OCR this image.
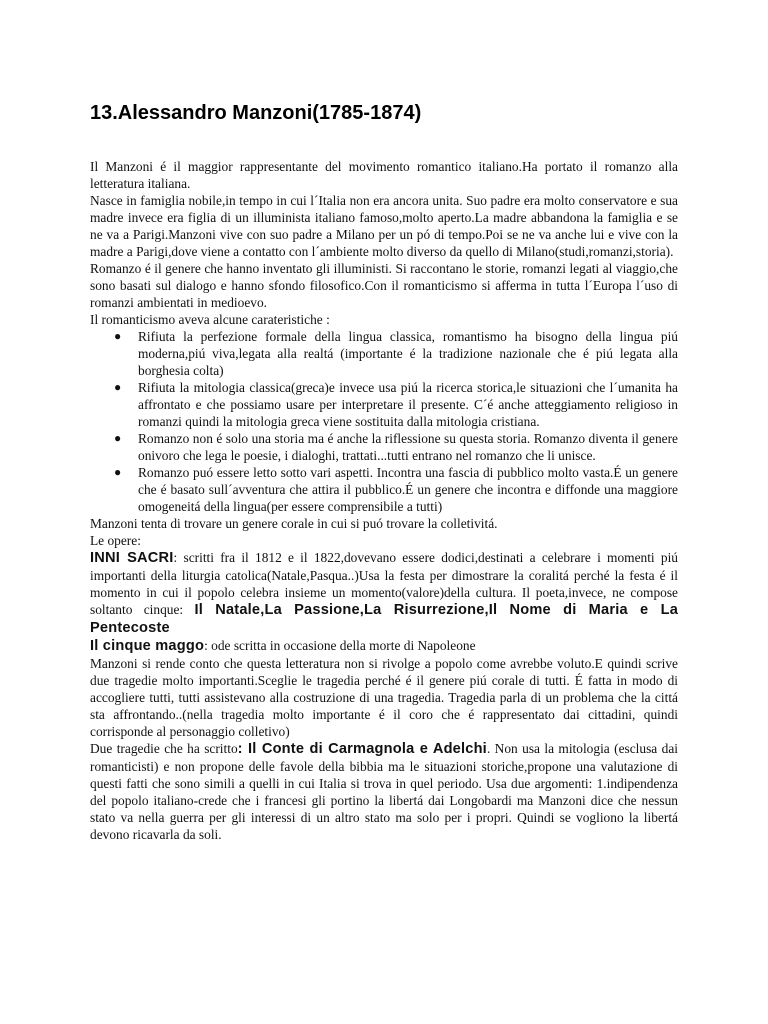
13.Alessandro Manzoni(1785-1874)

Il Manzoni é il maggior rappresentante del movimento romantico italiano.Ha portato il romanzo alla letteratura italiana.

Nasce in famiglia nobile,in tempo in cui l´Italia non era ancora unita. Suo padre era molto conservatore e sua madre invece era figlia di un illuminista italiano famoso,molto aperto.La madre abbandona la famiglia e se ne va a Parigi.Manzoni vive con suo padre a Milano per un pó di tempo.Poi se ne va anche lui e vive con la madre a Parigi,dove viene a contatto con l´ambiente molto diverso da quello di Milano(studi,romanzi,storia).

Romanzo é il genere che hanno inventato gli illuministi. Si raccontano le storie, romanzi legati al viaggio,che sono basati sul dialogo e hanno sfondo filosofico.Con il romanticismo si afferma in tutta l´Europa l´uso di romanzi ambientati in medioevo.

Il romanticismo aveva alcune carateristiche :

● Rifiuta la perfezione formale della lingua classica, romantismo ha bisogno della lingua piú moderna,piú viva,legata alla realtá (importante é la tradizione nazionale che é piú legata alla borghesia colta)
● Rifiuta la mitologia classica(greca)e invece usa piú la ricerca storica,le situazioni che l´umanita ha affrontato e che possiamo usare per interpretare il presente. C´é anche atteggiamento religioso in romanzi quindi la mitologia greca viene sostituita dalla mitologia cristiana.
● Romanzo non é solo una storia ma é anche la riflessione su questa storia. Romanzo diventa il genere onivoro che lega le poesie, i dialoghi, trattati...tutti entrano nel romanzo che li unisce.
● Romanzo puó essere letto sotto vari aspetti. Incontra una fascia di pubblico molto vasta.É un genere che é basato sull´avventura che attira il pubblico.É un genere che incontra e diffonde una maggiore omogeneitá della lingua(per essere comprensibile a tutti)

Manzoni tenta di trovare un genere corale in cui si puó trovare la colletivitá.

Le opere:

INNI SACRI: scritti fra il 1812 e il 1822,dovevano essere dodici,destinati a celebrare i momenti piú importanti della liturgia catolica(Natale,Pasqua..)Usa la festa per dimostrare la coralitá perché la festa é il momento in cui il popolo celebra insieme un momento(valore)della cultura. Il poeta,invece, ne compose soltanto cinque: Il Natale,La Passione,La Risurrezione,Il Nome di Maria e La Pentecoste

Il cinque maggo: ode scritta in occasione della morte di Napoleone

Manzoni si rende conto che questa letteratura non si rivolge a popolo come avrebbe voluto.E quindi scrive due tragedie molto importanti.Sceglie le tragedia perché é il genere piú corale di tutti. É fatta in modo di accogliere tutti, tutti assistevano alla costruzione di una tragedia. Tragedia parla di un problema che la cittá sta affrontando..(nella tragedia molto importante é il coro che é rappresentato dai cittadini, quindi corrisponde al personaggio colletivo)

Due tragedie che ha scritto: Il Conte di Carmagnola e Adelchi. Non usa la mitologia (esclusa dai romanticisti) e non propone delle favole della bibbia ma le situazioni storiche,propone una valutazione di questi fatti che sono simili a quelli in cui Italia si trova in quel periodo. Usa due argomenti: 1.indipendenza del popolo italiano-crede che i francesi gli portino la libertá dai Longobardi ma Manzoni dice che nessun stato va nella guerra per gli interessi di un altro stato ma solo per i propri. Quindi se vogliono la libertá devono ricavarla da soli.
